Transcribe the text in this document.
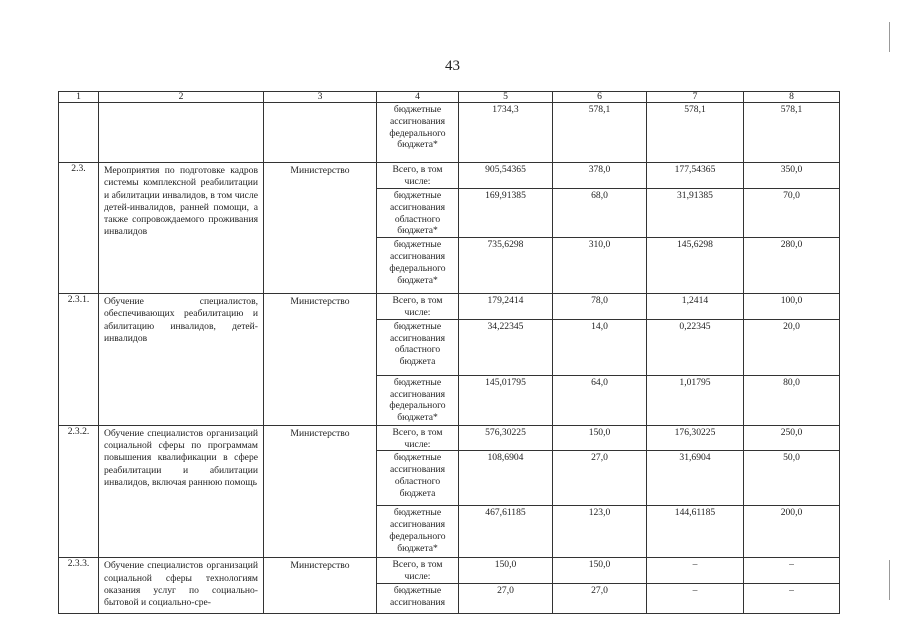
43
1	2	3	4	5	6	7	8
			бюджетные ассигнования федерального бюджета*	1734,3	578,1	578,1	578,1
2.3.	Мероприятия по подготовке кадров системы комплексной реабилитации и абилитации инвалидов, в том числе детей-инвалидов, ранней помощи, а также сопровождаемого проживания инвалидов	Министерство	Всего, в том числе:	905,54365	378,0	177,54365	350,0
			бюджетные ассигнования областного бюджета*	169,91385	68,0	31,91385	70,0
			бюджетные ассигнования федерального бюджета*	735,6298	310,0	145,6298	280,0
2.3.1.	Обучение специалистов, обеспечивающих реабилитацию и абилитацию инвалидов, детей-инвалидов	Министерство	Всего, в том числе:	179,2414	78,0	1,2414	100,0
			бюджетные ассигнования областного бюджета	34,22345	14,0	0,22345	20,0
			бюджетные ассигнования федерального бюджета*	145,01795	64,0	1,01795	80,0
2.3.2.	Обучение специалистов организаций социальной сферы по программам повышения квалификации в сфере реабилитации и абилитации инвалидов, включая раннюю помощь	Министерство	Всего, в том числе:	576,30225	150,0	176,30225	250,0
			бюджетные ассигнования областного бюджета	108,6904	27,0	31,6904	50,0
			бюджетные ассигнования федерального бюджета*	467,61185	123,0	144,61185	200,0
2.3.3.	Обучение специалистов организаций социальной сферы технологиям оказания услуг по социально-бытовой и социально-сре-	Министерство	Всего, в том числе:	150,0	150,0	–	–
			бюджетные ассигнования	27,0	27,0	–	–
